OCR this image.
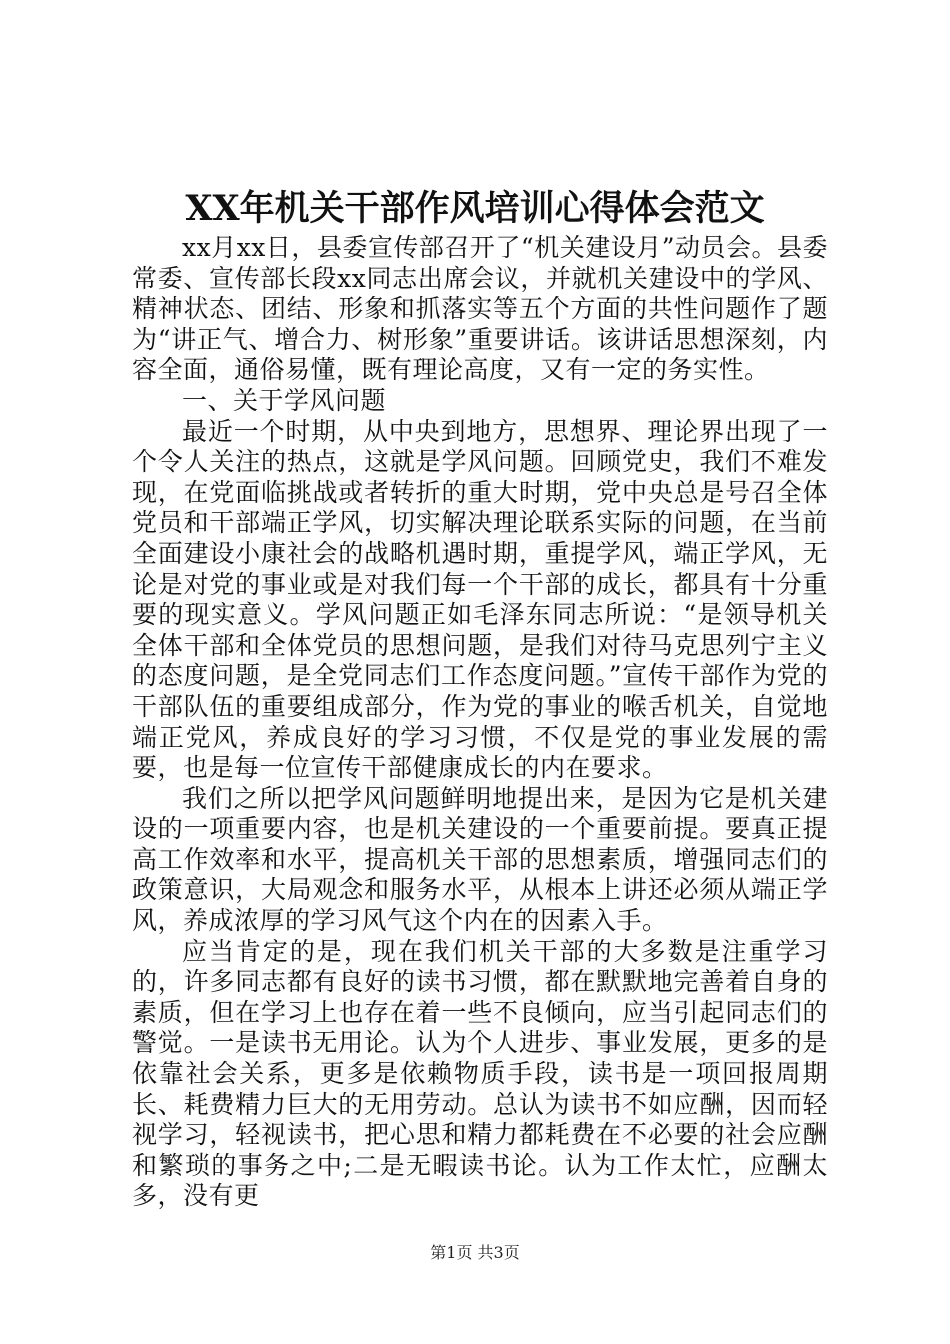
XX年机关干部作风培训心得体会范文

xx月xx日，县委宣传部召开了“机关建设月”动员会。县委常委、宣传部长段xx同志出席会议，并就机关建设中的学风、精神状态、团结、形象和抓落实等五个方面的共性问题作了题为“讲正气、增合力、树形象”重要讲话。该讲话思想深刻，内容全面，通俗易懂，既有理论高度，又有一定的务实性。

一、关于学风问题

最近一个时期，从中央到地方，思想界、理论界出现了一个令人关注的热点，这就是学风问题。回顾党史，我们不难发现，在党面临挑战或者转折的重大时期，党中央总是号召全体党员和干部端正学风，切实解决理论联系实际的问题，在当前全面建设小康社会的战略机遇时期，重提学风，端正学风，无论是对党的事业或是对我们每一个干部的成长，都具有十分重要的现实意义。学风问题正如毛泽东同志所说：“是领导机关全体干部和全体党员的思想问题，是我们对待马克思列宁主义的态度问题，是全党同志们工作态度问题。”宣传干部作为党的干部队伍的重要组成部分，作为党的事业的喉舌机关，自觉地端正党风，养成良好的学习习惯，不仅是党的事业发展的需要，也是每一位宣传干部健康成长的内在要求。

我们之所以把学风问题鲜明地提出来，是因为它是机关建设的一项重要内容，也是机关建设的一个重要前提。要真正提高工作效率和水平，提高机关干部的思想素质，增强同志们的政策意识，大局观念和服务水平，从根本上讲还必须从端正学风，养成浓厚的学习风气这个内在的因素入手。

应当肯定的是，现在我们机关干部的大多数是注重学习的，许多同志都有良好的读书习惯，都在默默地完善着自身的素质，但在学习上也存在着一些不良倾向，应当引起同志们的警觉。一是读书无用论。认为个人进步、事业发展，更多的是依靠社会关系，更多是依赖物质手段，读书是一项回报周期长、耗费精力巨大的无用劳动。总认为读书不如应酬，因而轻视学习，轻视读书，把心思和精力都耗费在不必要的社会应酬和繁琐的事务之中;二是无暇读书论。认为工作太忙，应酬太多，没有更

第1页 共3页
